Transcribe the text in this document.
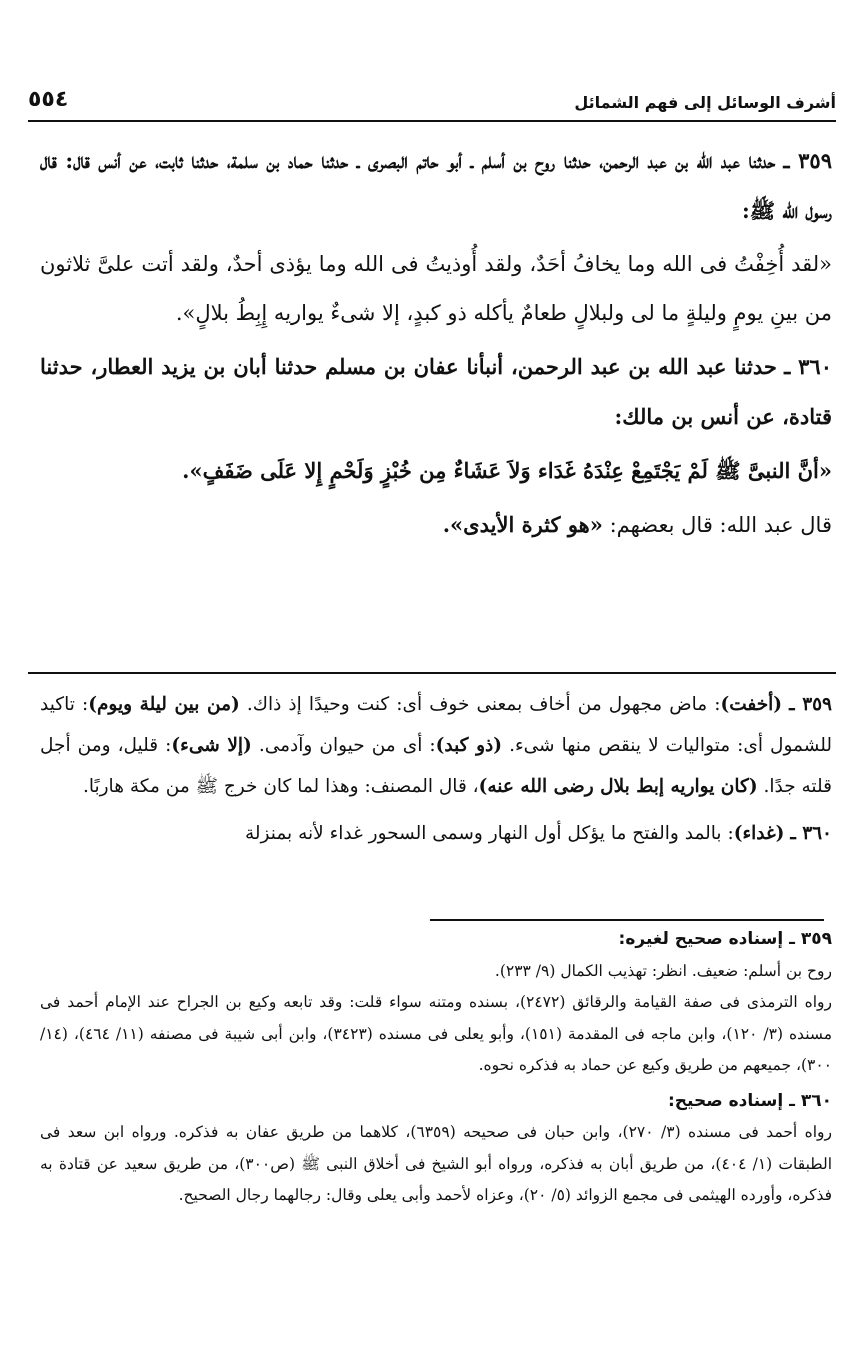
أشرف الوسائل إلى فهم الشمائل
٥٥٤

٣٥٩ ـ حدثنا عبد الله بن عبد الرحمن، حدثنا روح بن أسلم ـ أبو حاتم البصرى ـ حدثنا حماد بن سلمة، حدثنا ثابت، عن أنس قال: قال رسول الله ﷺ:

«لقد أُخِفْتُ فى الله وما يخافُ أحَدٌ، ولقد أُوذيتُ فى الله وما يؤذى أحدٌ، ولقد أتت علىَّ ثلاثون من بينِ يومٍ وليلةٍ ما لى ولبلالٍ طعامٌ يأكله ذو كبدٍ، إلا شىءٌ يواريه إِبِطُ بلالٍ».

٣٦٠ ـ حدثنا عبد الله بن عبد الرحمن، أنبأنا عفان بن مسلم حدثنا أبان بن يزيد العطار، حدثنا قتادة، عن أنس بن مالك:

«أنَّ النبىَّ ﷺ لَمْ يَجْتَمِعْ عِنْدَهُ غَدَاء وَلاَ عَشَاءٌ مِن خُبْزٍ وَلَحْمٍ إِلا عَلَى ضَفَفٍ».

قال عبد الله: قال بعضهم: «هو كثرة الأيدى».

٣٥٩ ـ (أخفت): ماض مجهول من أخاف بمعنى خوف أى: كنت وحيدًا إذ ذاك. (من بين ليلة ويوم): تاكيد للشمول أى: متواليات لا ينقص منها شىء. (ذو كبد): أى من حيوان وآدمى. (إلا شىء): قليل، ومن أجل قلته جدًا. (كان يواريه إبط بلال رضى الله عنه)، قال المصنف: وهذا لما كان خرج ﷺ من مكة هاربًا.

٣٦٠ ـ (غداء): بالمد والفتح ما يؤكل أول النهار وسمى السحور غداء لأنه بمنزلة

٣٥٩ ـ إسناده صحيح لغيره:

روح بن أسلم: ضعيف. انظر: تهذيب الكمال (٩/ ٢٣٣).

رواه الترمذى فى صفة القيامة والرقائق (٢٤٧٢)، بسنده ومتنه سواء قلت: وقد تابعه وكيع بن الجراح عند الإمام أحمد فى مسنده (٣/ ١٢٠)، وابن ماجه فى المقدمة (١٥١)، وأبو يعلى فى مسنده (٣٤٢٣)، وابن أبى شيبة فى مصنفه (١١/ ٤٦٤)، (١٤/ ٣٠٠)، جميعهم من طريق وكيع عن حماد به فذكره نحوه.

٣٦٠ ـ إسناده صحيح:

رواه أحمد فى مسنده (٣/ ٢٧٠)، وابن حبان فى صحيحه (٦٣٥٩)، كلاهما من طريق عفان به فذكره. ورواه ابن سعد فى الطبقات (١/ ٤٠٤)، من طريق أبان به فذكره، ورواه أبو الشيخ فى أخلاق النبى ﷺ (ص٣٠٠)، من طريق سعيد عن قتادة به فذكره، وأورده الهيثمى فى مجمع الزوائد (٥/ ٢٠)، وعزاه لأحمد وأبى يعلى وقال: رجالهما رجال الصحيح.
